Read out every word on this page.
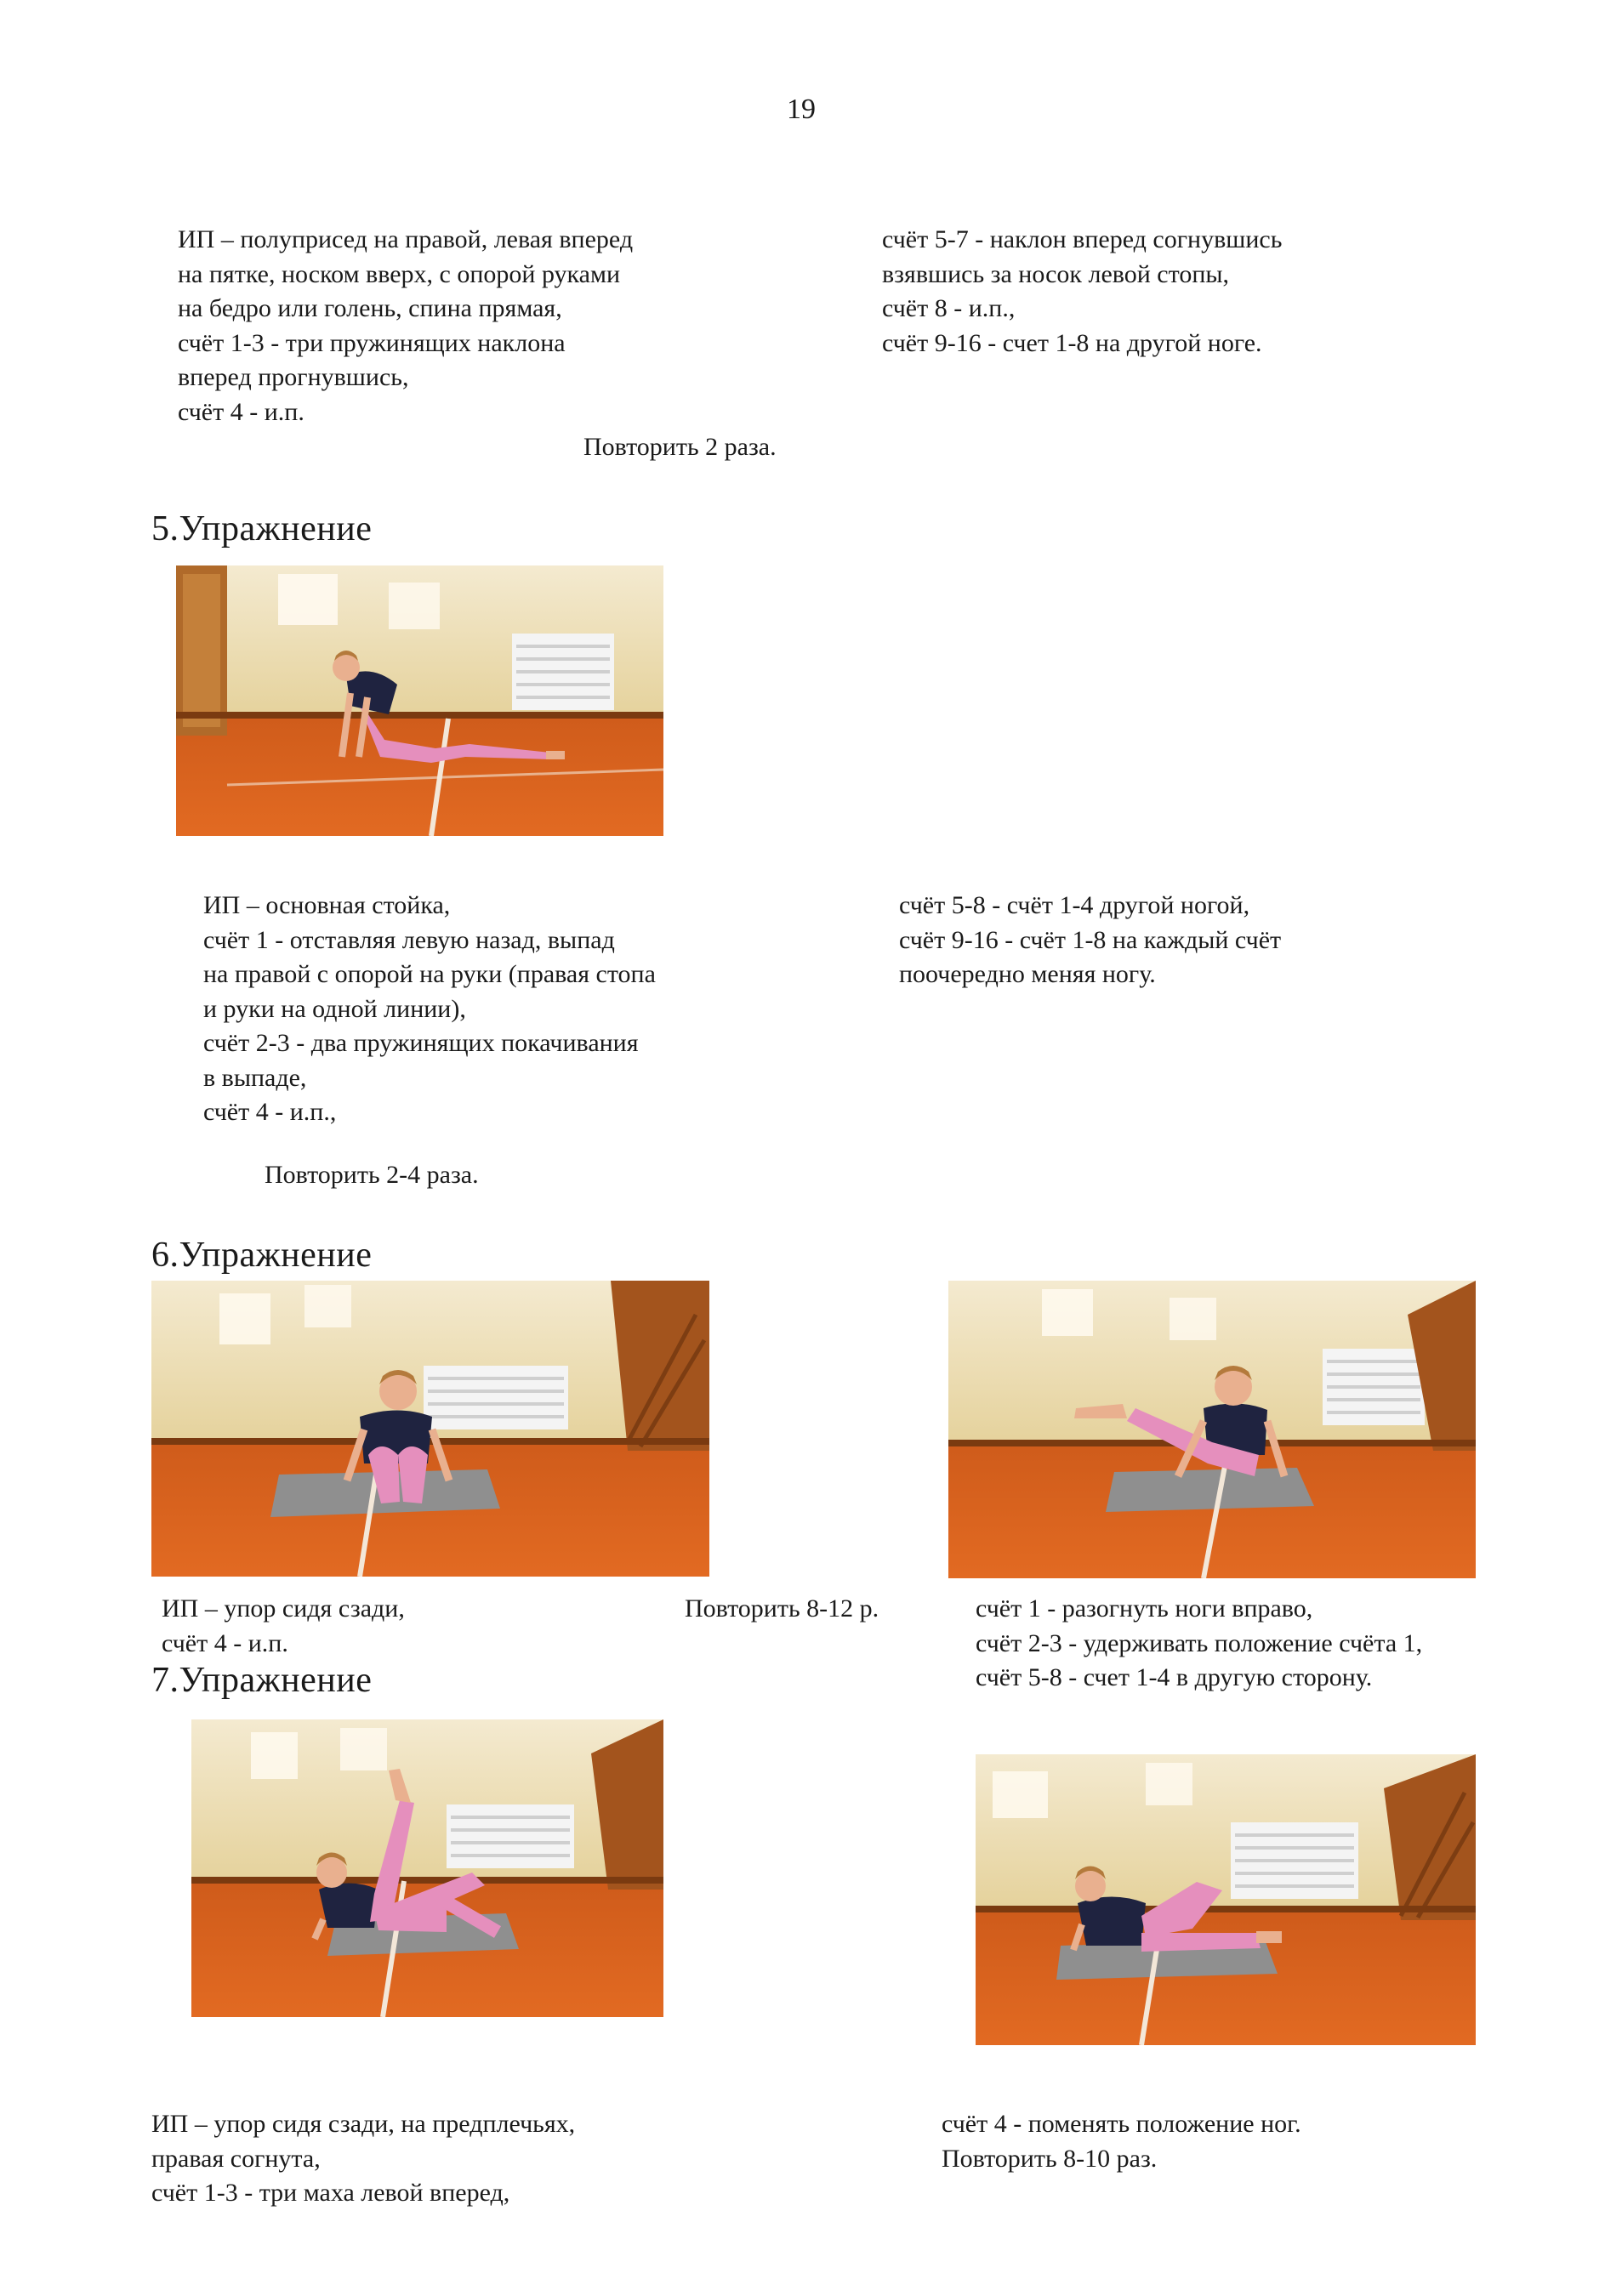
19
ИП – полуприсед на правой, левая вперед
на пятке, носком вверх, с опорой руками
на бедро или голень, спина прямая,
счёт 1-3 - три пружинящих наклона
вперед прогнувшись,
счёт 4 - и.п.
счёт 5-7 - наклон вперед согнувшись
взявшись за носок левой стопы,
счёт 8 - и.п.,
счёт 9-16 - счет 1-8 на другой ноге.
Повторить 2 раза.
5.Упражнение
ИП – основная стойка,
счёт 1 - отставляя левую назад, выпад
на правой с опорой на руки (правая стопа
и руки на одной линии),
счёт 2-3 - два пружинящих покачивания
в выпаде,
счёт 4 - и.п.,
счёт 5-8 - счёт 1-4 другой ногой,
счёт 9-16 - счёт 1-8 на каждый счёт
поочередно меняя ногу.
Повторить 2-4 раза.
6.Упражнение
ИП – упор сидя сзади,
счёт 4 - и.п.
Повторить 8-12 р.	счёт 1 - разогнуть ноги вправо,
счёт 2-3 - удерживать положение счёта 1,
счёт 5-8 - счет 1-4 в другую сторону.
7.Упражнение
ИП – упор сидя сзади, на предплечьях,
правая согнута,
счёт 1-3 - три маха левой вперед,
счёт 4 - поменять положение ног.
Повторить 8-10 раз.
